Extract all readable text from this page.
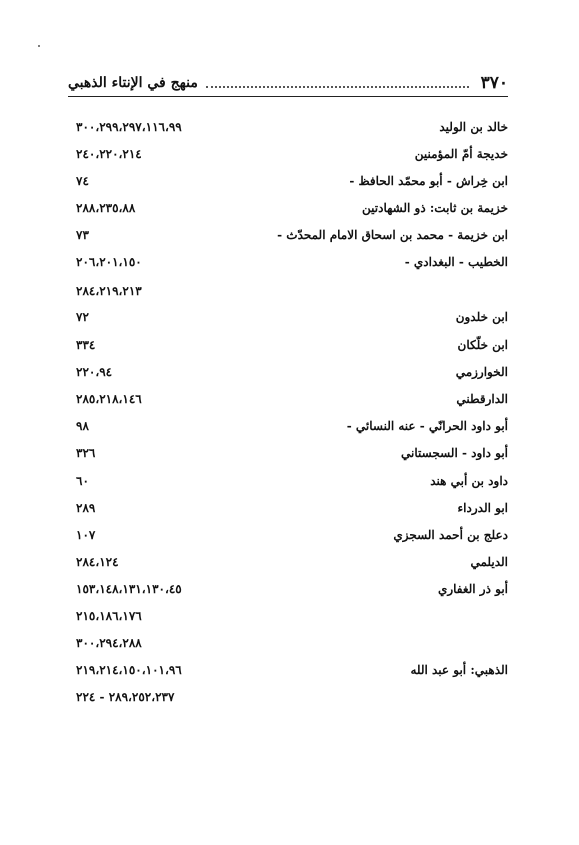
٣٧٠
منهج في الإنتاء الذهبي
خالد بن الوليد
٣٠٠،٢٩٩،٢٩٧،١١٦،٩٩
خديجة أمّ المؤمنين
٢٤٠،٢٢٠،٢١٤
ابن خِراش - أبو محمّد الحافظ -
٧٤
خزيمة بن ثابت: ذو الشهادتين
٢٨٨،٢٣٥،٨٨
ابن خزيمة - محمد بن اسحاق الامام المحدّث -
٧٣
الخطيب - البغدادي -
٢٠٦،٢٠١،١٥٠
٢٨٤،٢١٩،٢١٣
ابن خلدون
٧٢
ابن خلّكان
٣٣٤
الخوارزمي
٢٢٠،٩٤
الدارقطني
٢٨٥،٢١٨،١٤٦
أبو داود الحرانّي - عنه النسائي -
٩٨
أبو داود - السجستاني
٣٢٦
داود بن أبي هند
٦٠
ابو الدرداء
٢٨٩
دعلج بن أحمد السجزي
١٠٧
الديلمي
٢٨٤،١٢٤
أبو ذر الغفاري
١٥٣،١٤٨،١٣١،١٣٠،٤٥
٢١٥،١٨٦،١٧٦
٣٠٠،٢٩٤،٢٨٨
الذهبي: أبو عبد الله
٢١٩،٢١٤،١٥٠،١٠١،٩٦
٢٨٩،٢٥٢،٢٣٧ - ٢٢٤
